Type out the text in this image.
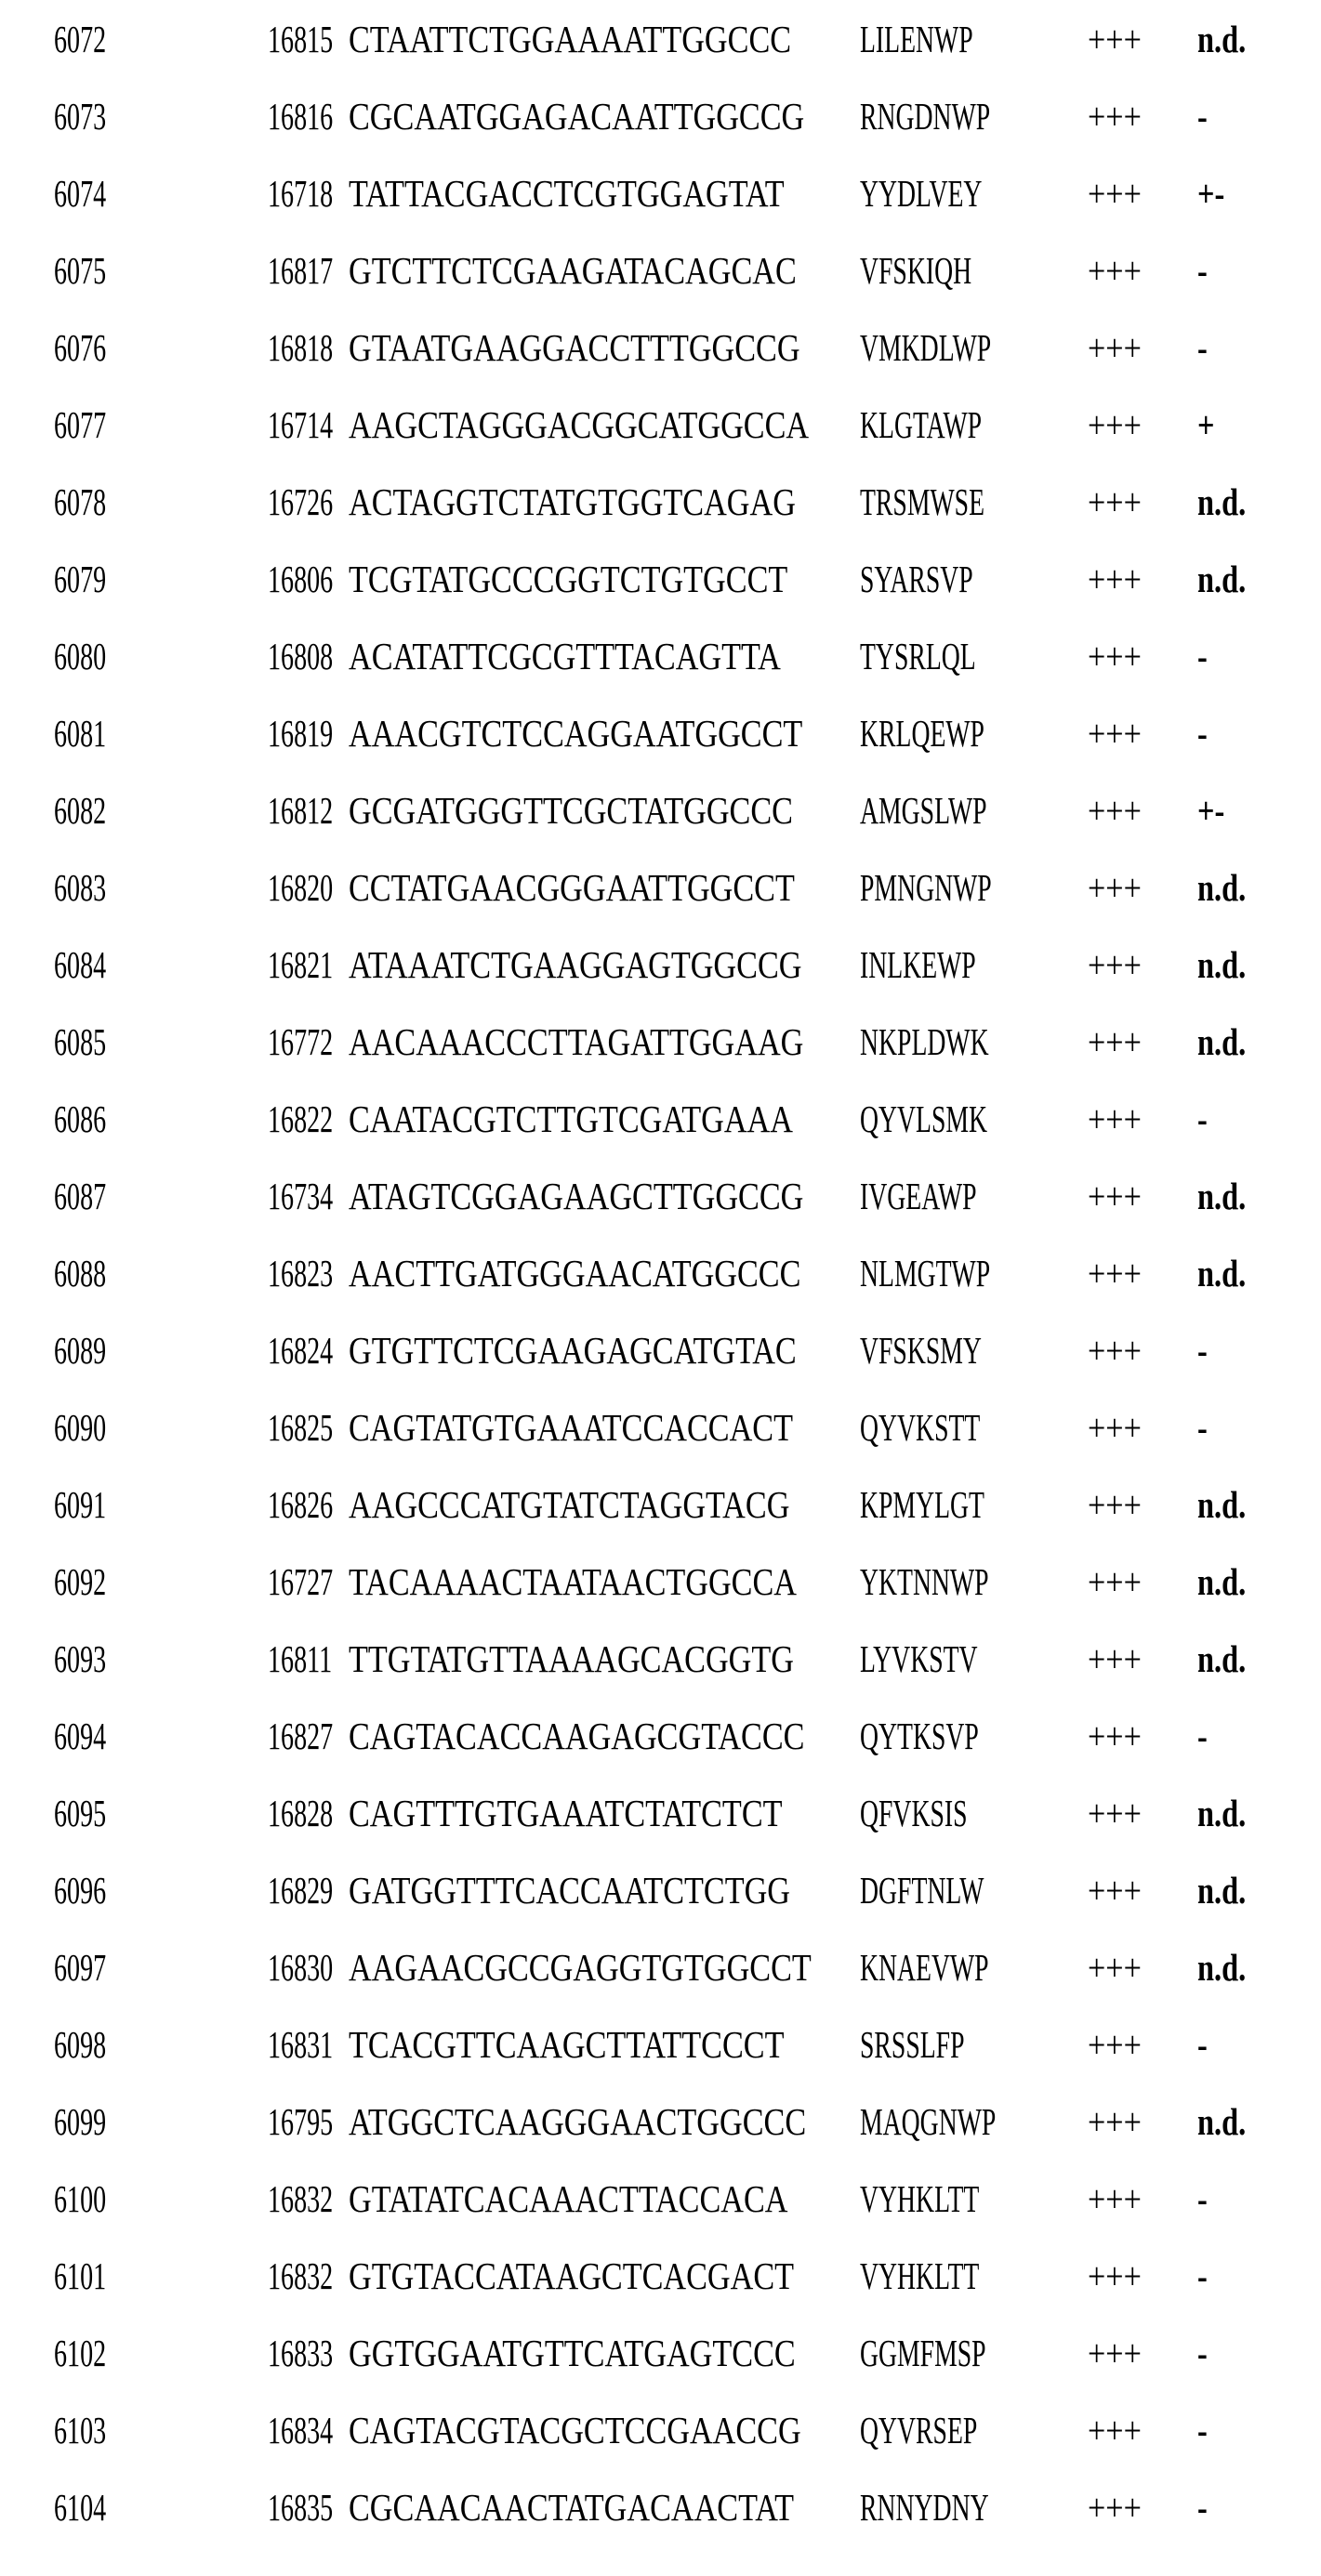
6072	16815 CTAATTCTGGAAAATTGGCCC	LILENWP	+++	n.d.
6073	16816 CGCAATGGAGACAATTGGCCG	RNGDNWP	+++	-
6074	16718 TATTACGACCTCGTGGAGTAT	YYDLVEY	+++	+-
6075	16817 GTCTTCTCGAAGATACAGCAC	VFSKIQH	+++	-
6076	16818 GTAATGAAGGACCTTTGGCCG	VMKDLWP	+++	-
6077	16714 AAGCTAGGGACGGCATGGCCA	KLGTAWP	+++	+
6078	16726 ACTAGGTCTATGTGGTCAGAG	TRSMWSE	+++	n.d.
6079	16806 TCGTATGCCCGGTCTGTGCCT	SYARSVP	+++	n.d.
6080	16808 ACATATTCGCGTTTACAGTTA	TYSRLQL	+++	-
6081	16819 AAACGTCTCCAGGAATGGCCT	KRLQEWP	+++	-
6082	16812 GCGATGGGTTCGCTATGGCCC	AMGSLWP	+++	+-
6083	16820 CCTATGAACGGGAATTGGCCT	PMNGNWP	+++	n.d.
6084	16821 ATAAATCTGAAGGAGTGGCCG	INLKEWP	+++	n.d.
6085	16772 AACAAACCCTTAGATTGGAAG	NKPLDWK	+++	n.d.
6086	16822 CAATACGTCTTGTCGATGAAA	QYVLSMK	+++	-
6087	16734 ATAGTCGGAGAAGCTTGGCCG	IVGEAWP	+++	n.d.
6088	16823 AACTTGATGGGAACATGGCCC	NLMGTWP	+++	n.d.
6089	16824 GTGTTCTCGAAGAGCATGTAC	VFSKSMY	+++	-
6090	16825 CAGTATGTGAAATCCACCACT	QYVKSTT	+++	-
6091	16826 AAGCCCATGTATCTAGGTACG	KPMYLGT	+++	n.d.
6092	16727 TACAAAACTAATAACTGGCCA	YKTNNWP	+++	n.d.
6093	16811 TTGTATGTTAAAAGCACGGTG	LYVKSTV	+++	n.d.
6094	16827 CAGTACACCAAGAGCGTACCC	QYTKSVP	+++	-
6095	16828 CAGTTTGTGAAATCTATCTCT	QFVKSIS	+++	n.d.
6096	16829 GATGGTTTCACCAATCTCTGG	DGFTNLW	+++	n.d.
6097	16830 AAGAACGCCGAGGTGTGGCCT	KNAEVWP	+++	n.d.
6098	16831 TCACGTTCAAGCTTATTCCCT	SRSSLFP	+++	-
6099	16795 ATGGCTCAAGGGAACTGGCCC	MAQGNWP	+++	n.d.
6100	16832 GTATATCACAAACTTACCACA	VYHKLTT	+++	-
6101	16832 GTGTACCATAAGCTCACGACT	VYHKLTT	+++	-
6102	16833 GGTGGAATGTTCATGAGTCCC	GGMFMSP	+++	-
6103	16834 CAGTACGTACGCTCCGAACCG	QYVRSEP	+++	-
6104	16835 CGCAACAACTATGACAACTAT	RNNYDNY	+++	-
